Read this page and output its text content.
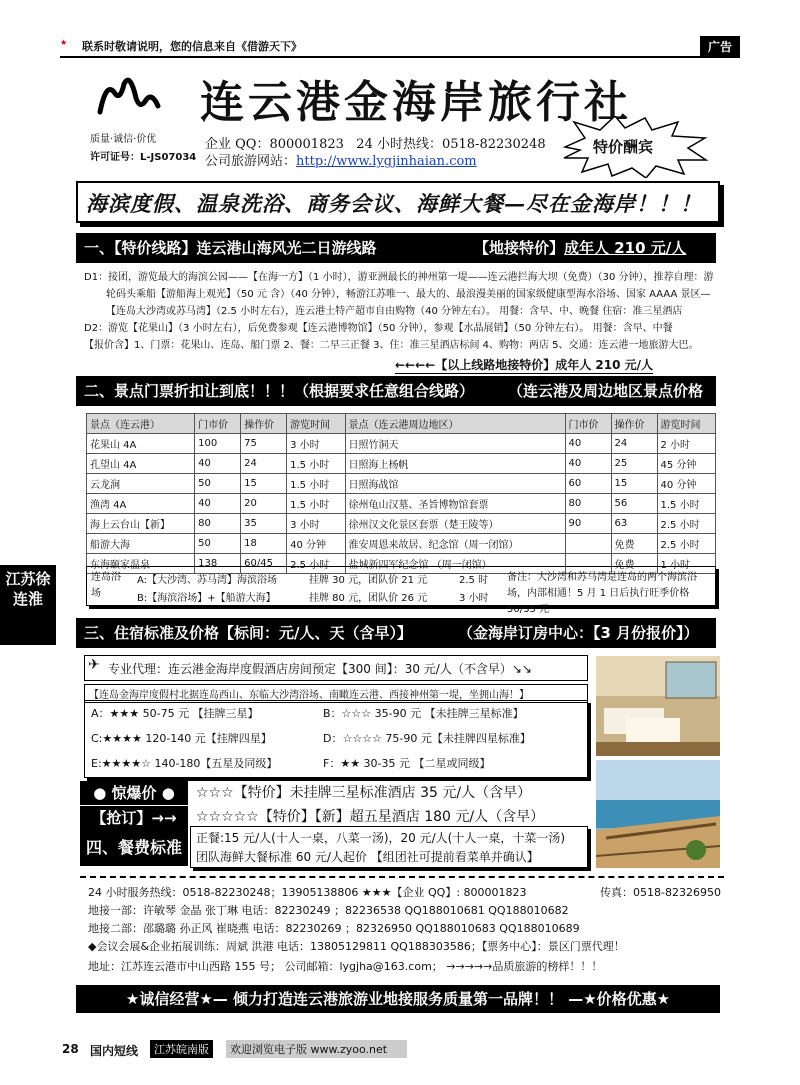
★ 联系时敬请说明，您的信息来自《借游天下》	广告
连云港金海岸旅行社
质量·诚信·价优
许可证号：L-JS07034
企业 QQ：800001823 24 小时热线：0518-82230248
公司旅游网站：http://www.lygjinhaian.com
特价酬宾
海滨度假、温泉洗浴、商务会议、海鲜大餐—尽在金海岸！！！
一、【特价线路】连云港山海风光二日游线路	【地接特价】成年人 210 元/人
D1：接团，游览最大的海滨公园——【在海一方】（1 小时），游亚洲最长的神州第一堤——连云港拦海大坝（免费）（30 分钟），推荐自理：游
轮码头乘船【游船海上观光】（50 元 含）（40 分钟），畅游江苏唯一、最大的、最浪漫美丽的国家级健康型海水浴场、国家 AAAA 景区—
【连岛大沙湾或苏马湾】（2.5 小时左右），连云港土特产超市自由购物（40 分钟左右）。 用餐：含早、中、晚餐 住宿：准三星酒店
D2：游览【花果山】（3 小时左右），后免费参观【连云港博物馆】（50 分钟），参观【水晶展销】（50 分钟左右）。 用餐：含早、中餐
【报价含】1、门票：花果山、连岛、船门票 2、餐：二早三正餐 3、住：准三星酒店标间 4、购物：两店 5、交通：连云港一地旅游大巴。
←←←←【以上线路地接特价】成年人 210 元/人
二、景点门票折扣让到底！！！（根据要求任意组合线路） （连云港及周边地区景点价格
景点（连云港）	门市价	操作价	游览时间	景点（连云港周边地区）	门市价	操作价	游览时间
花果山 4A	100	75	3 小时	日照竹洞天	40	24	2 小时
孔望山 4A	40	24	1.5 小时	日照海上杨帆	40	25	45 分钟
云龙涧	50	15	1.5 小时	日照海战馆	60	15	40 分钟
渔湾 4A	40	20	1.5 小时	徐州龟山汉墓、圣旨博物馆套票	80	56	1.5 小时
海上云台山【新】	80	35	3 小时	徐州汉文化景区套票（楚王陵等）	90	63	2.5 小时
船游大海	50	18	40 分钟	淮安周恩来故居、纪念馆（周一闭馆）		免费	2.5 小时
东海颐家温泉	138	60/45	2.5 小时	盐城新四军纪念馆 （周一闭馆）		免费	1 小时
连岛浴场
A:【大沙湾、苏马湾】海滨浴场	挂牌 30 元，团队价 21 元	2.5 时
B:【海滨浴场】+【船游大海】	挂牌 80 元，团队价 26 元	3 小时
备注：大沙湾和苏马湾是连岛的两个海滨浴场，内部相通！5 月 1 日后执行旺季价格 50/35 元
江苏徐连淮
三、住宿标准及价格【标间：元/人、天（含早）】	（金海岸订房中心：【3 月份报价】）
✈ 专业代理：连云港金海岸度假酒店房间预定【300 间】：30 元/人（不含早）↘↘
【连岛金海岸度假村北据连岛西山、东临大沙湾浴场、南瞰连云港、西接神州第一堤，坐拥山海！】
A：★★★ 50-75 元 【挂牌三星】	B：☆☆☆ 35-90 元 【未挂牌三星标准】
C:★★★★ 120-140 元【挂牌四星】	D：☆☆☆☆ 75-90 元【未挂牌四星标准】
E:★★★★☆ 140-180【五星及同级】	F：★★ 30-35 元 【二星或同级】
● 惊爆价 ●
【抢订】→→
☆☆☆【特价】未挂牌三星标准酒店 35 元/人（含早）
☆☆☆☆☆【特价】【新】超五星酒店 180 元/人（含早）
四、餐费标准	正餐:15 元/人(十人一桌，八菜一汤)，20 元/人(十人一桌，十菜一汤)
团队海鲜大餐标准 60 元/人起价 【组团社可提前看菜单并确认】
24 小时服务热线：0518-82230248；13905138806 ★★★【企业 QQ】: 800001823	传真：0518-82326950
地接一部：许敏琴 金晶 张丁琳 电话：82230249 ；82236538 QQ188010681 QQ188010682
地接二部：邵璐璐 孙正风 崔晓燕 电话：82230269 ；82326950 QQ188010683 QQ188010689
◆会议会展&企业拓展训练：周斌 洪港 电话：13805129811 QQ188303586；【票务中心】：景区门票代理！
地址：江苏连云港市中山西路 155 号； 公司邮箱：lygjha@163.com； →→→→→品质旅游的榜样！！！
★诚信经营★— 倾力打造连云港旅游业地接服务质量第一品牌！！ —★价格优惠★
28 国内短线	江苏皖南版	欢迎浏览电子版 www.zyoo.net
